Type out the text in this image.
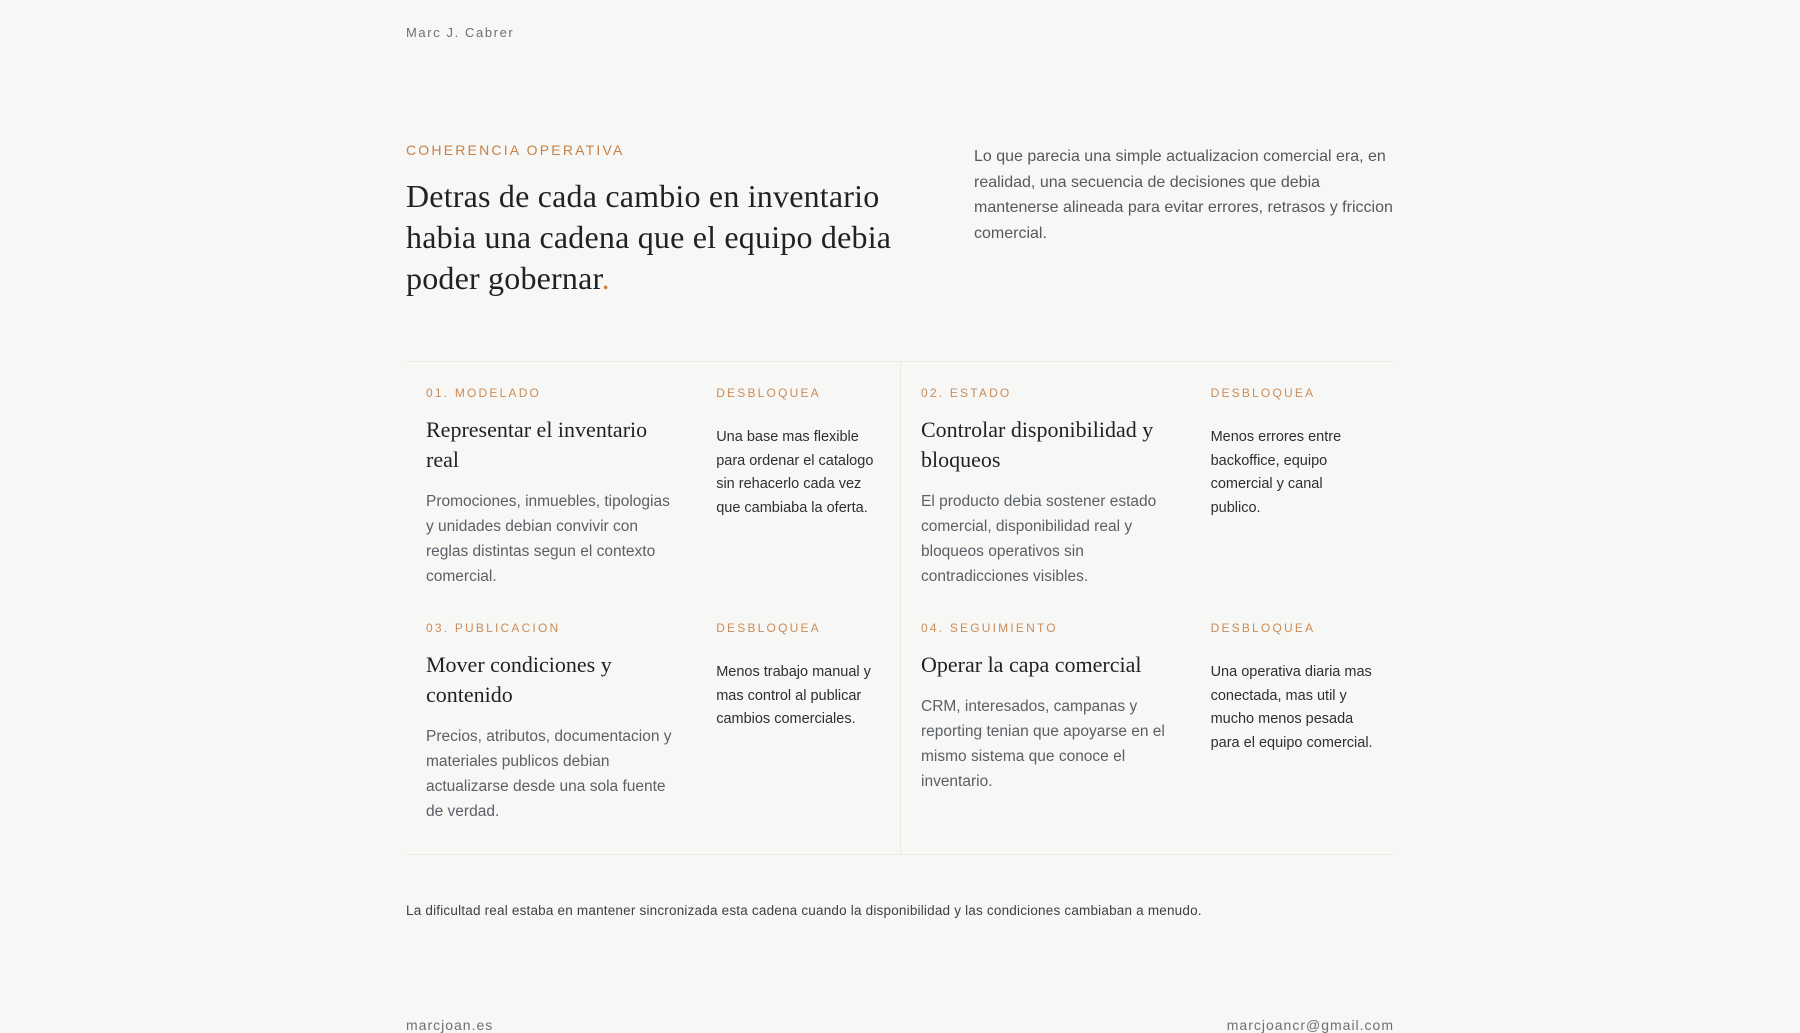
Marc J. Cabrer
COHERENCIA OPERATIVA
Detras de cada cambio en inventario habia una cadena que el equipo debia poder gobernar.

Lo que parecia una simple actualizacion comercial era, en realidad, una secuencia de decisiones que debia mantenerse alineada para evitar errores, retrasos y friccion comercial.

01. MODELADO
Representar el inventario real

Promociones, inmuebles, tipologias y unidades debian convivir con reglas distintas segun el contexto comercial.

DESBLOQUEA

Una base mas flexible para ordenar el catalogo sin rehacerlo cada vez que cambiaba la oferta.

03. PUBLICACION
Mover condiciones y contenido

Precios, atributos, documentacion y materiales publicos debian actualizarse desde una sola fuente de verdad.

DESBLOQUEA

Menos trabajo manual y mas control al publicar cambios comerciales.

02. ESTADO
Controlar disponibilidad y bloqueos

El producto debia sostener estado comercial, disponibilidad real y bloqueos operativos sin contradicciones visibles.

DESBLOQUEA

Menos errores entre backoffice, equipo comercial y canal publico.

04. SEGUIMIENTO
Operar la capa comercial

CRM, interesados, campanas y reporting tenian que apoyarse en el mismo sistema que conoce el inventario.

DESBLOQUEA

Una operativa diaria mas conectada, mas util y mucho menos pesada para el equipo comercial.

La dificultad real estaba en mantener sincronizada esta cadena cuando la disponibilidad y las condiciones cambiaban a menudo.

marcjoan.es	marcjoancr@gmail.com
